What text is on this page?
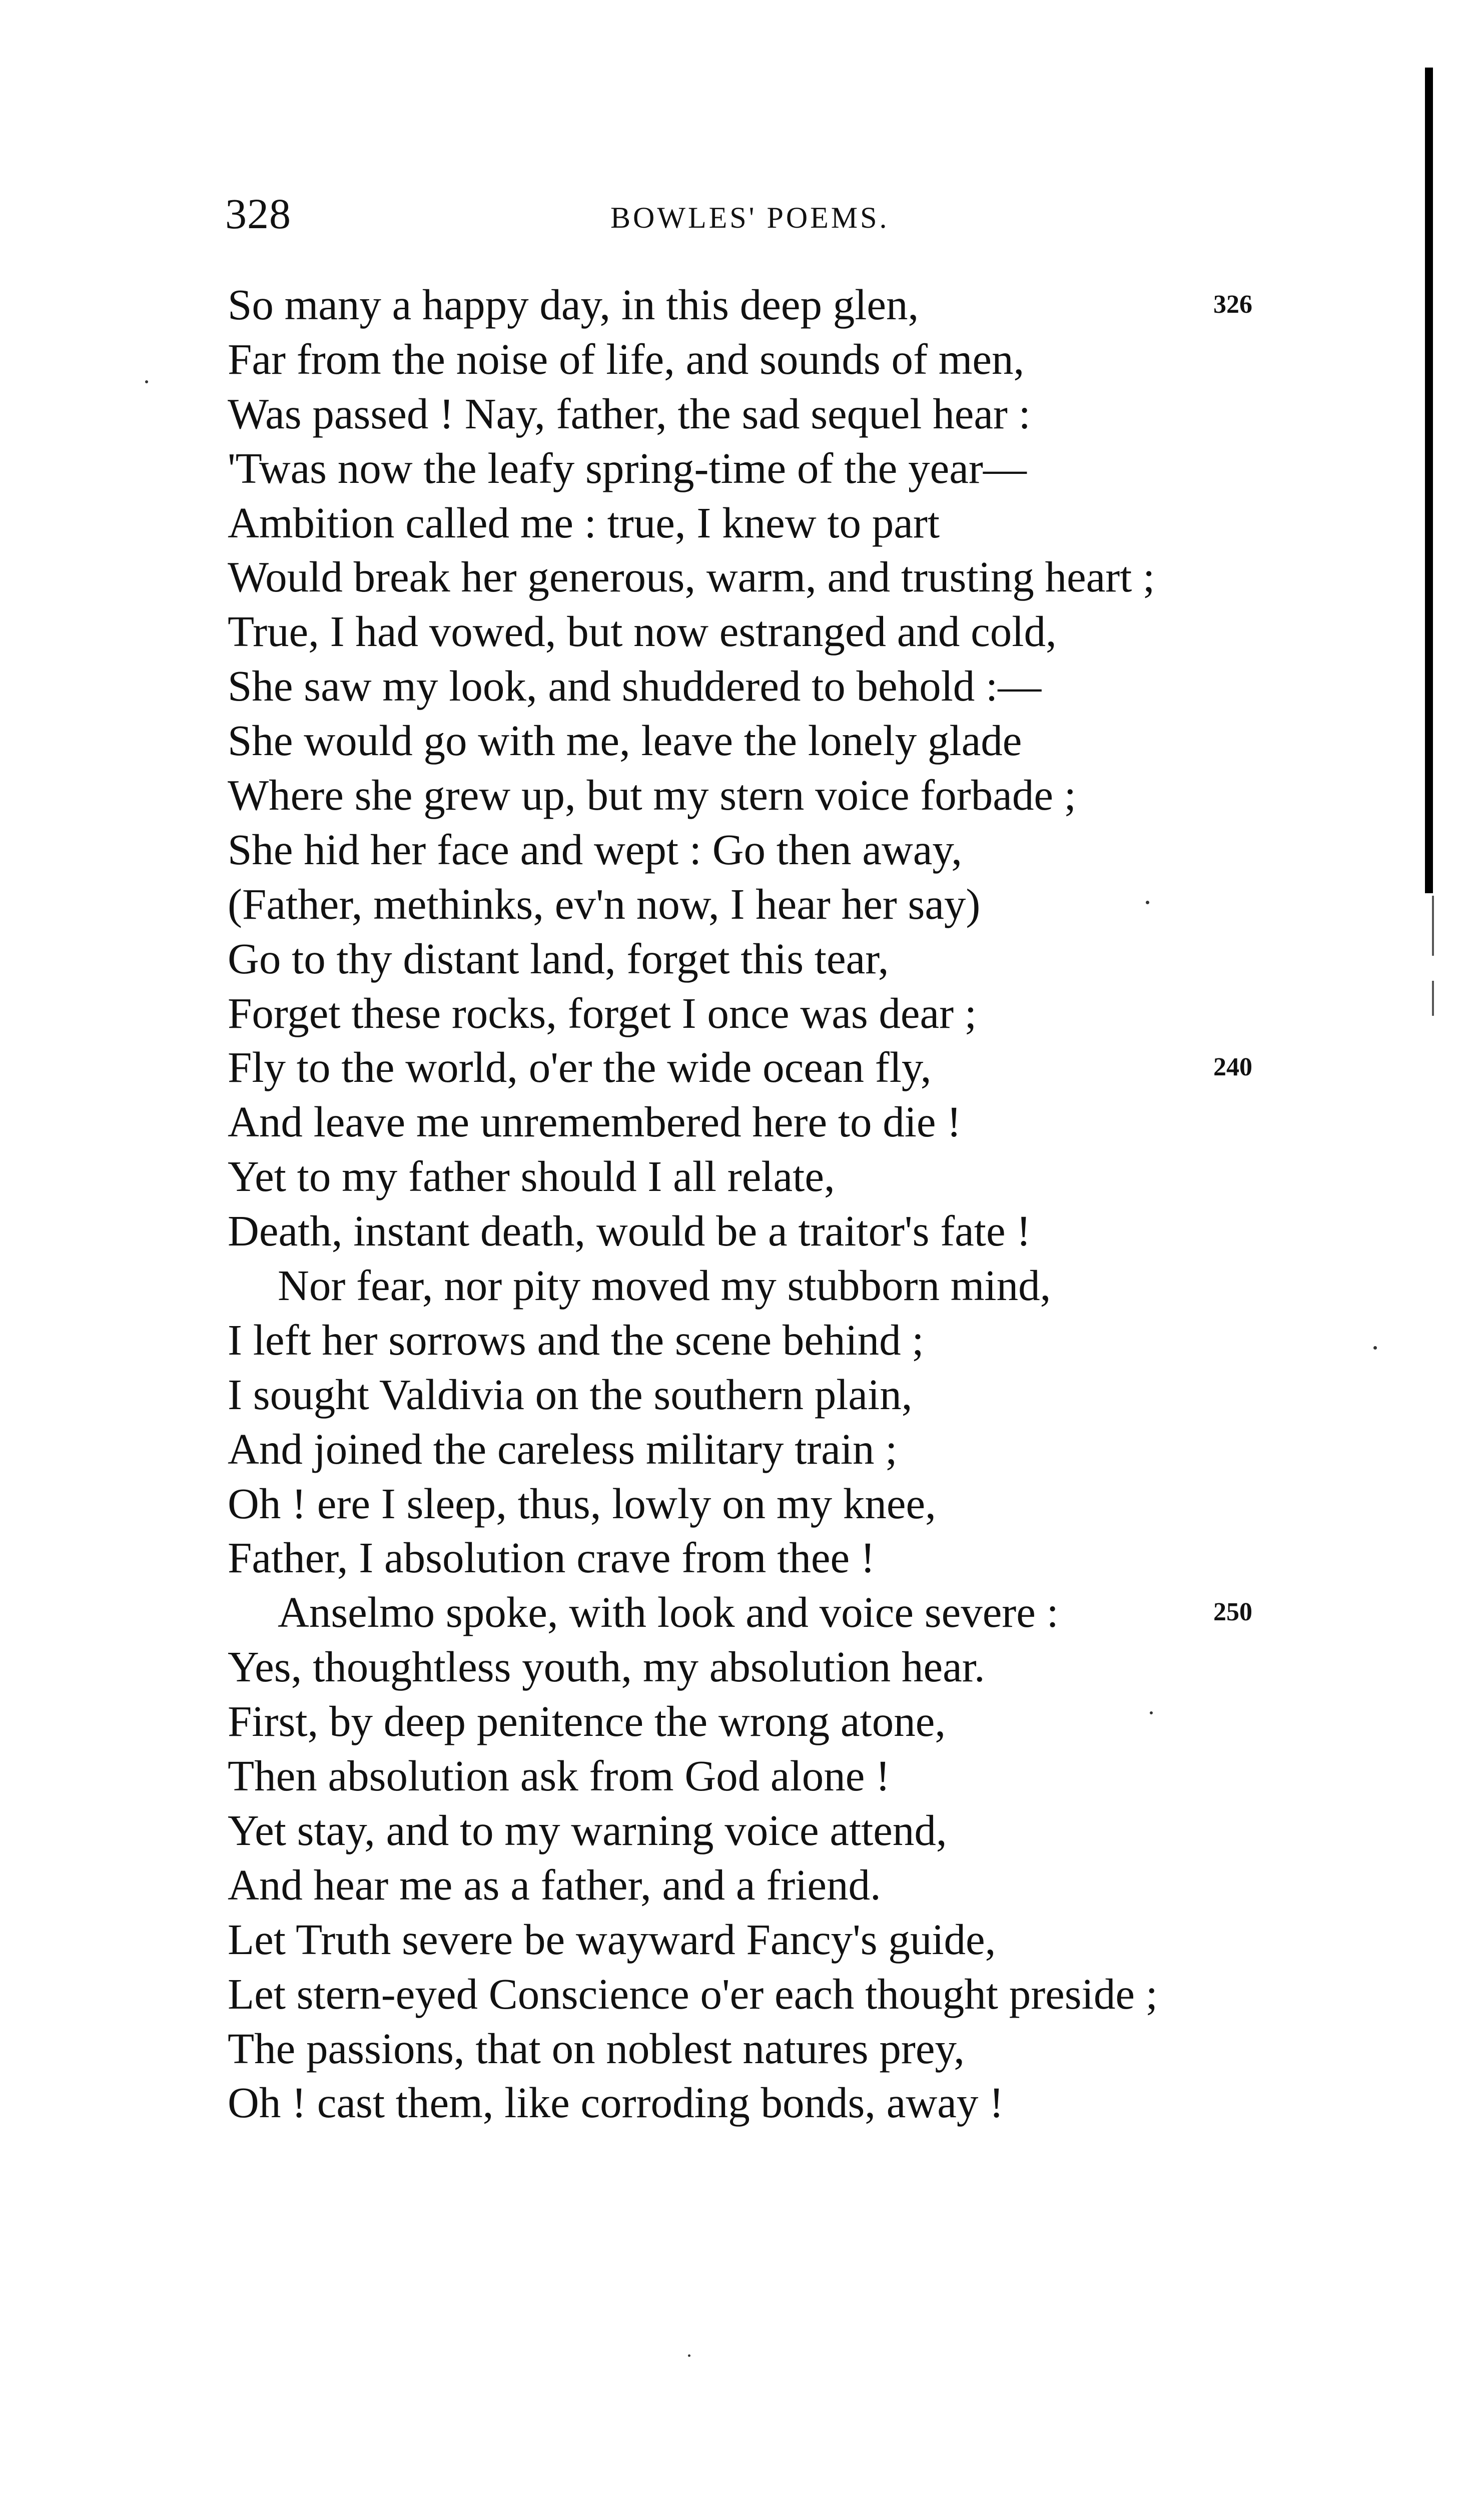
328	BOWLES' POEMS.
So many a happy day, in this deep glen,	326
Far from the noise of life, and sounds of men,
Was passed ! Nay, father, the sad sequel hear :
'Twas now the leafy spring-time of the year—
Ambition called me : true, I knew to part
Would break her generous, warm, and trusting heart ;
True, I had vowed, but now estranged and cold,
She saw my look, and shuddered to behold :—
She would go with me, leave the lonely glade
Where she grew up, but my stern voice forbade ;
She hid her face and wept : Go then away,
(Father, methinks, ev'n now, I hear her say)
Go to thy distant land, forget this tear,
Forget these rocks, forget I once was dear ;
Fly to the world, o'er the wide ocean fly,	240
And leave me unremembered here to die !
Yet to my father should I all relate,
Death, instant death, would be a traitor's fate !
Nor fear, nor pity moved my stubborn mind,
I left her sorrows and the scene behind ;
I sought Valdivia on the southern plain,
And joined the careless military train ;
Oh ! ere I sleep, thus, lowly on my knee,
Father, I absolution crave from thee !
Anselmo spoke, with look and voice severe :	250
Yes, thoughtless youth, my absolution hear.
First, by deep penitence the wrong atone,
Then absolution ask from God alone !
Yet stay, and to my warning voice attend,
And hear me as a father, and a friend.
Let Truth severe be wayward Fancy's guide,
Let stern-eyed Conscience o'er each thought preside ;
The passions, that on noblest natures prey,
Oh ! cast them, like corroding bonds, away !
